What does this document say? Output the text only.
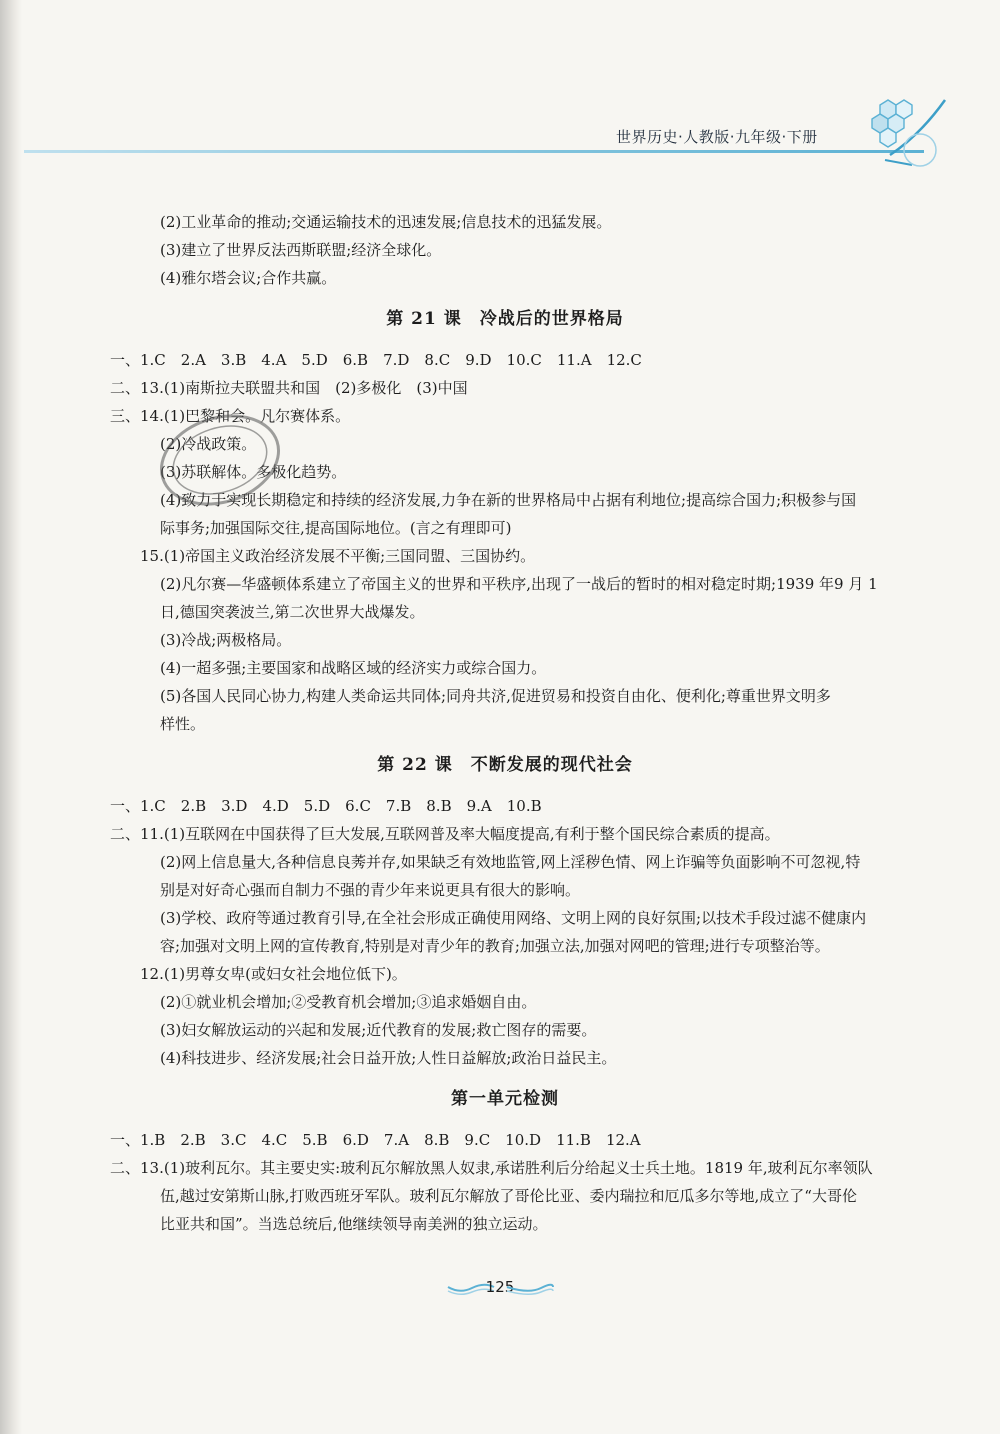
世界历史·人教版·九年级·下册

(2)工业革命的推动;交通运输技术的迅速发展;信息技术的迅猛发展。

(3)建立了世界反法西斯联盟;经济全球化。

(4)雅尔塔会议;合作共赢。

第 21 课　冷战后的世界格局

一、1.C　2.A　3.B　4.A　5.D　6.B　7.D　8.C　9.D　10.C　11.A　12.C

二、13.(1)南斯拉夫联盟共和国　(2)多极化　(3)中国

三、14.(1)巴黎和会。凡尔赛体系。

(2)冷战政策。

(3)苏联解体。多极化趋势。

(4)致力于实现长期稳定和持续的经济发展,力争在新的世界格局中占据有利地位;提高综合国力;积极参与国

际事务;加强国际交往,提高国际地位。(言之有理即可)

15.(1)帝国主义政治经济发展不平衡;三国同盟、三国协约。

(2)凡尔赛—华盛顿体系建立了帝国主义的世界和平秩序,出现了一战后的暂时的相对稳定时期;1939 年9 月 1

日,德国突袭波兰,第二次世界大战爆发。

(3)冷战;两极格局。

(4)一超多强;主要国家和战略区域的经济实力或综合国力。

(5)各国人民同心协力,构建人类命运共同体;同舟共济,促进贸易和投资自由化、便利化;尊重世界文明多

样性。

第 22 课　不断发展的现代社会

一、1.C　2.B　3.D　4.D　5.D　6.C　7.B　8.B　9.A　10.B

二、11.(1)互联网在中国获得了巨大发展,互联网普及率大幅度提高,有利于整个国民综合素质的提高。

(2)网上信息量大,各种信息良莠并存,如果缺乏有效地监管,网上淫秽色情、网上诈骗等负面影响不可忽视,特

别是对好奇心强而自制力不强的青少年来说更具有很大的影响。

(3)学校、政府等通过教育引导,在全社会形成正确使用网络、文明上网的良好氛围;以技术手段过滤不健康内

容;加强对文明上网的宣传教育,特别是对青少年的教育;加强立法,加强对网吧的管理;进行专项整治等。

12.(1)男尊女卑(或妇女社会地位低下)。

(2)①就业机会增加;②受教育机会增加;③追求婚姻自由。

(3)妇女解放运动的兴起和发展;近代教育的发展;救亡图存的需要。

(4)科技进步、经济发展;社会日益开放;人性日益解放;政治日益民主。

第一单元检测

一、1.B　2.B　3.C　4.C　5.B　6.D　7.A　8.B　9.C　10.D　11.B　12.A

二、13.(1)玻利瓦尔。其主要史实:玻利瓦尔解放黑人奴隶,承诺胜利后分给起义士兵土地。1819 年,玻利瓦尔率领队

伍,越过安第斯山脉,打败西班牙军队。玻利瓦尔解放了哥伦比亚、委内瑞拉和厄瓜多尔等地,成立了“大哥伦

比亚共和国”。当选总统后,他继续领导南美洲的独立运动。

125
